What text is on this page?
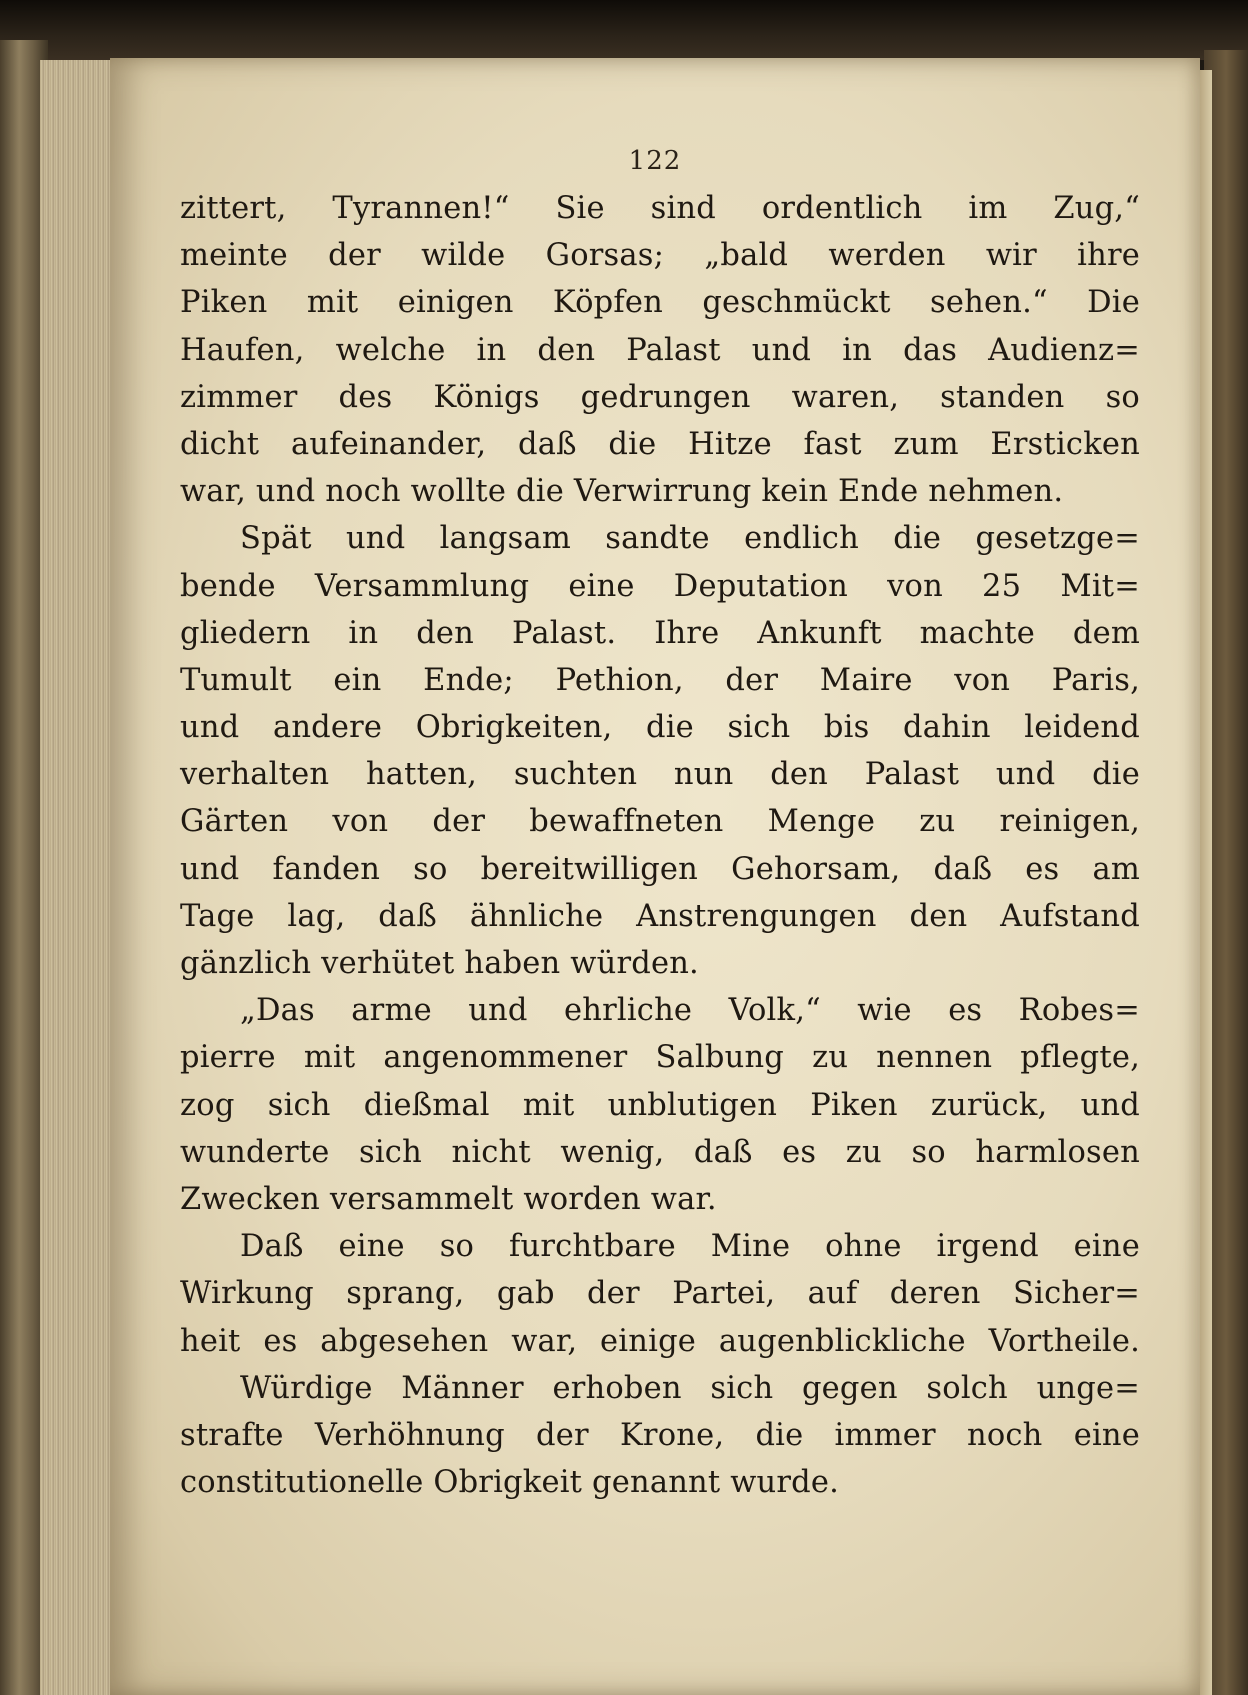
122
zittert, Tyrannen!“ Sie sind ordentlich im Zug,“
meinte der wilde Gorsas; „bald werden wir ihre
Piken mit einigen Köpfen geschmückt sehen.“ Die
Haufen, welche in den Palast und in das Audienz=
zimmer des Königs gedrungen waren, standen so
dicht aufeinander, daß die Hitze fast zum Ersticken
war, und noch wollte die Verwirrung kein Ende nehmen.
Spät und langsam sandte endlich die gesetzge=
bende Versammlung eine Deputation von 25 Mit=
gliedern in den Palast. Ihre Ankunft machte dem
Tumult ein Ende; Pethion, der Maire von Paris,
und andere Obrigkeiten, die sich bis dahin leidend
verhalten hatten, suchten nun den Palast und die
Gärten von der bewaffneten Menge zu reinigen,
und fanden so bereitwilligen Gehorsam, daß es am
Tage lag, daß ähnliche Anstrengungen den Aufstand
gänzlich verhütet haben würden.
„Das arme und ehrliche Volk,“ wie es Robes=
pierre mit angenommener Salbung zu nennen pflegte,
zog sich dießmal mit unblutigen Piken zurück, und
wunderte sich nicht wenig, daß es zu so harmlosen
Zwecken versammelt worden war.
Daß eine so furchtbare Mine ohne irgend eine
Wirkung sprang, gab der Partei, auf deren Sicher=
heit es abgesehen war, einige augenblickliche Vortheile.
Würdige Männer erhoben sich gegen solch unge=
strafte Verhöhnung der Krone, die immer noch eine
constitutionelle Obrigkeit genannt wurde.
